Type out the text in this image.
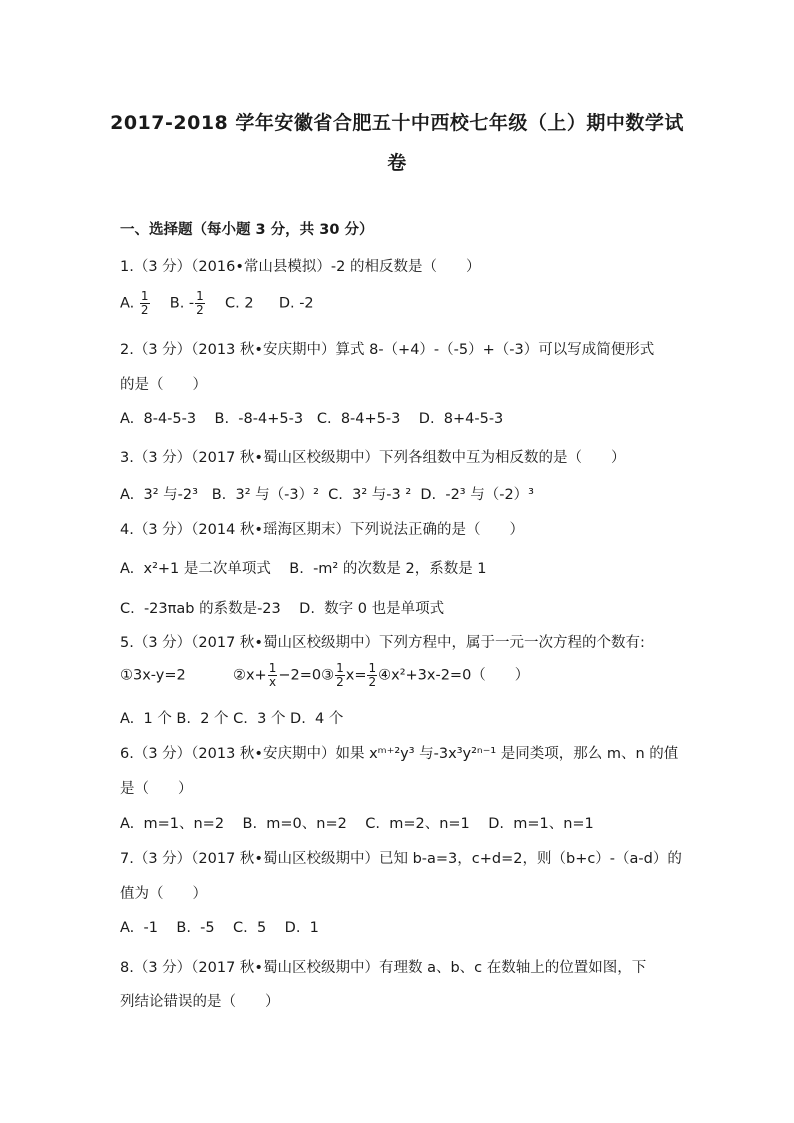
2017-2018 学年安徽省合肥五十中西校七年级（上）期中数学试
卷
一、选择题（每小题 3 分，共 30 分）
1.（3 分）（2016•常山县模拟）-2 的相反数是（　　）
A. $\frac{1}{2} B$. - $\frac{1}{2} C$. 2 D. -2
2.（3 分）（2013 秋•安庆期中）算式 8-（+4）-（-5）+（-3）可以写成简便形式
的是（　　）
A.  8-4-5-3    B.  -8-4+5-3   C.  8-4+5-3    D.  8+4-5-3
3.（3 分）（2017 秋•蜀山区校级期中）下列各组数中互为相反数的是（　　）
A.  3² 与-2³   B.  3² 与（-3）²  C.  3² 与-3 ²  D.  -2³ 与（-2）³
4.（3 分）（2014 秋•瑶海区期末）下列说法正确的是（　　）
A.  x²+1 是二次单项式    B.  -m² 的次数是 2，系数是 1
C.  -23πab 的系数是-23    D.  数字 0 也是单项式
5.（3 分）（2017 秋•蜀山区校级期中）下列方程中，属于一元一次方程的个数有:
①3x-y=2	②x+ $\frac{1}{x}$ −2=0③ $\frac{1}{2} x= \frac{1}{2}$ ④x²+3x-2=0（　　）
A.  1 个 B.  2 个 C.  3 个 D.  4 个
6.（3 分）（2013 秋•安庆期中）如果 xᵐ⁺²y³ 与-3x³y²ⁿ⁻¹ 是同类项，那么 m、n 的值
是（　　）
A.  m=1、n=2    B.  m=0、n=2    C.  m=2、n=1    D.  m=1、n=1
7.（3 分）（2017 秋•蜀山区校级期中）已知 b-a=3，c+d=2，则（b+c）-（a-d）的
值为（　　）
A.  -1    B.  -5    C.  5    D.  1
8.（3 分）（2017 秋•蜀山区校级期中）有理数 a、b、c 在数轴上的位置如图，下
列结论错误的是（　　）
